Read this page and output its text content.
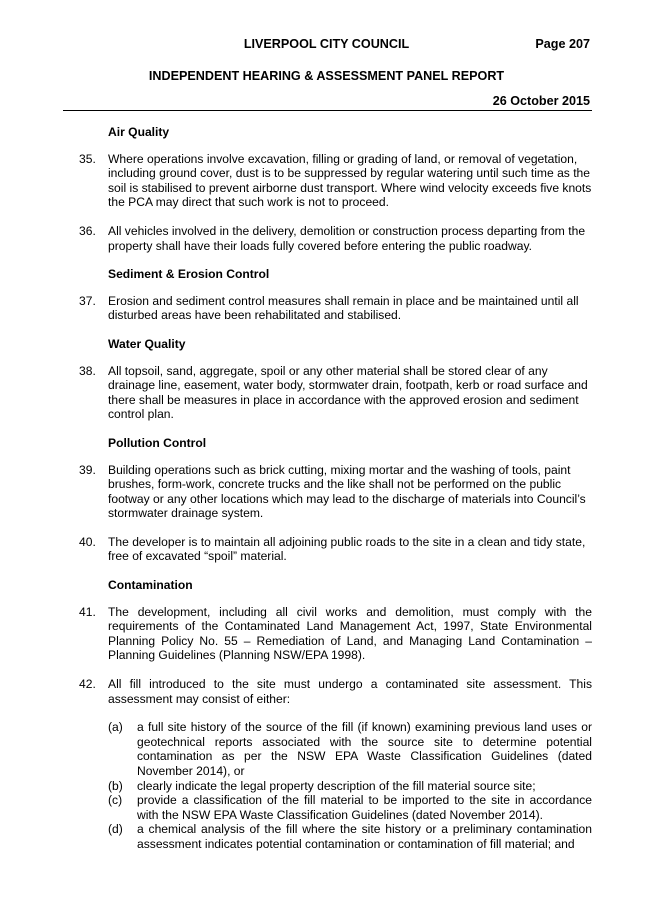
LIVERPOOL CITY COUNCIL	Page 207
INDEPENDENT HEARING & ASSESSMENT PANEL REPORT
26 October 2015
Air Quality
35. Where operations involve excavation, filling or grading of land, or removal of vegetation, including ground cover, dust is to be suppressed by regular watering until such time as the soil is stabilised to prevent airborne dust transport. Where wind velocity exceeds five knots the PCA may direct that such work is not to proceed.
36. All vehicles involved in the delivery, demolition or construction process departing from the property shall have their loads fully covered before entering the public roadway.
Sediment & Erosion Control
37. Erosion and sediment control measures shall remain in place and be maintained until all disturbed areas have been rehabilitated and stabilised.
Water Quality
38. All topsoil, sand, aggregate, spoil or any other material shall be stored clear of any drainage line, easement, water body, stormwater drain, footpath, kerb or road surface and there shall be measures in place in accordance with the approved erosion and sediment control plan.
Pollution Control
39. Building operations such as brick cutting, mixing mortar and the washing of tools, paint brushes, form-work, concrete trucks and the like shall not be performed on the public footway or any other locations which may lead to the discharge of materials into Council’s stormwater drainage system.
40. The developer is to maintain all adjoining public roads to the site in a clean and tidy state, free of excavated “spoil” material.
Contamination
41. The development, including all civil works and demolition, must comply with the requirements of the Contaminated Land Management Act, 1997, State Environmental Planning Policy No. 55 – Remediation of Land, and Managing Land Contamination – Planning Guidelines (Planning NSW/EPA 1998).
42. All fill introduced to the site must undergo a contaminated site assessment. This assessment may consist of either:
(a) a full site history of the source of the fill (if known) examining previous land uses or geotechnical reports associated with the source site to determine potential contamination as per the NSW EPA Waste Classification Guidelines (dated November 2014), or
(b) clearly indicate the legal property description of the fill material source site;
(c) provide a classification of the fill material to be imported to the site in accordance with the NSW EPA Waste Classification Guidelines (dated November 2014).
(d) a chemical analysis of the fill where the site history or a preliminary contamination assessment indicates potential contamination or contamination of fill material; and
